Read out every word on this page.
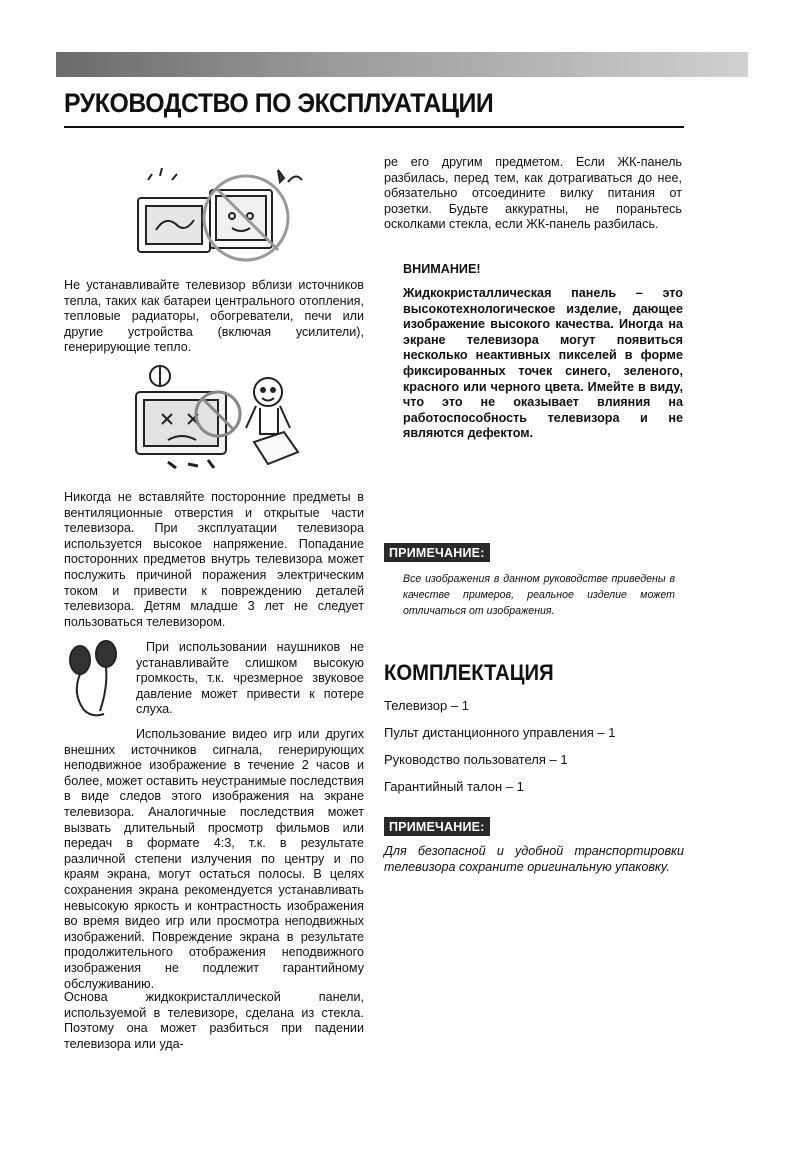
РУКОВОДСТВО ПО ЭКСПЛУАТАЦИИ

Не устанавливайте телевизор вблизи источников тепла, таких как батареи центрального отопления, тепловые радиаторы, обогреватели, печи или другие устройства (включая усилители), генерирующие тепло.

Никогда не вставляйте посторонние предметы в вентиляционные отверстия и открытые части телевизора. При эксплуатации телевизора используется высокое напряжение. Попадание посторонних предметов внутрь телевизора может послужить причиной поражения электрическим током и привести к повреждению деталей телевизора. Детям младше 3 лет не следует пользоваться телевизором.

При использовании наушников не устанавливайте слишком высокую громкость, т.к. чрезмерное звуковое давление может привести к потере слуха.

Использование видео игр или других внешних источников сигнала, генерирующих неподвижное изображение в течение 2 часов и более, может оставить неустранимые последствия в виде следов этого изображения на экране телевизора. Аналогичные последствия может вызвать длительный просмотр фильмов или передач в формате 4:3, т.к. в результате различной степени излучения по центру и по краям экрана, могут остаться полосы. В целях сохранения экрана рекомендуется устанавливать невысокую яркость и контрастность изображения во время видео игр или просмотра неподвижных изображений. Повреждение экрана в результате продолжительного отображения неподвижного изображения не подлежит гарантийному обслуживанию.

Основа жидкокристаллической панели, используемой в телевизоре, сделана из стекла. Поэтому она может разбиться при падении телевизора или уда-

ре его другим предметом. Если ЖК-панель разбилась, перед тем, как дотрагиваться до нее, обязательно отсоедините вилку питания от розетки. Будьте аккуратны, не пораньтесь осколками стекла, если ЖК-панель разбилась.

ВНИМАНИЕ!

Жидкокристаллическая панель – это высокотехнологическое изделие, дающее изображение высокого качества. Иногда на экране телевизора могут появиться несколько неактивных пикселей в форме фиксированных точек синего, зеленого, красного или черного цвета. Имейте в виду, что это не оказывает влияния на работоспособность телевизора и не являются дефектом.

ПРИМЕЧАНИЕ:

Все изображения в данном руководстве приведены в качестве примеров, реальное изделие может отличаться от изображения.

КОМПЛЕКТАЦИЯ
Телевизор – 1
Пульт дистанционного управления – 1
Руководство пользователя – 1
Гарантийный талон – 1
ПРИМЕЧАНИЕ:

Для безопасной и удобной транспортировки телевизора сохраните оригинальную упаковку.
